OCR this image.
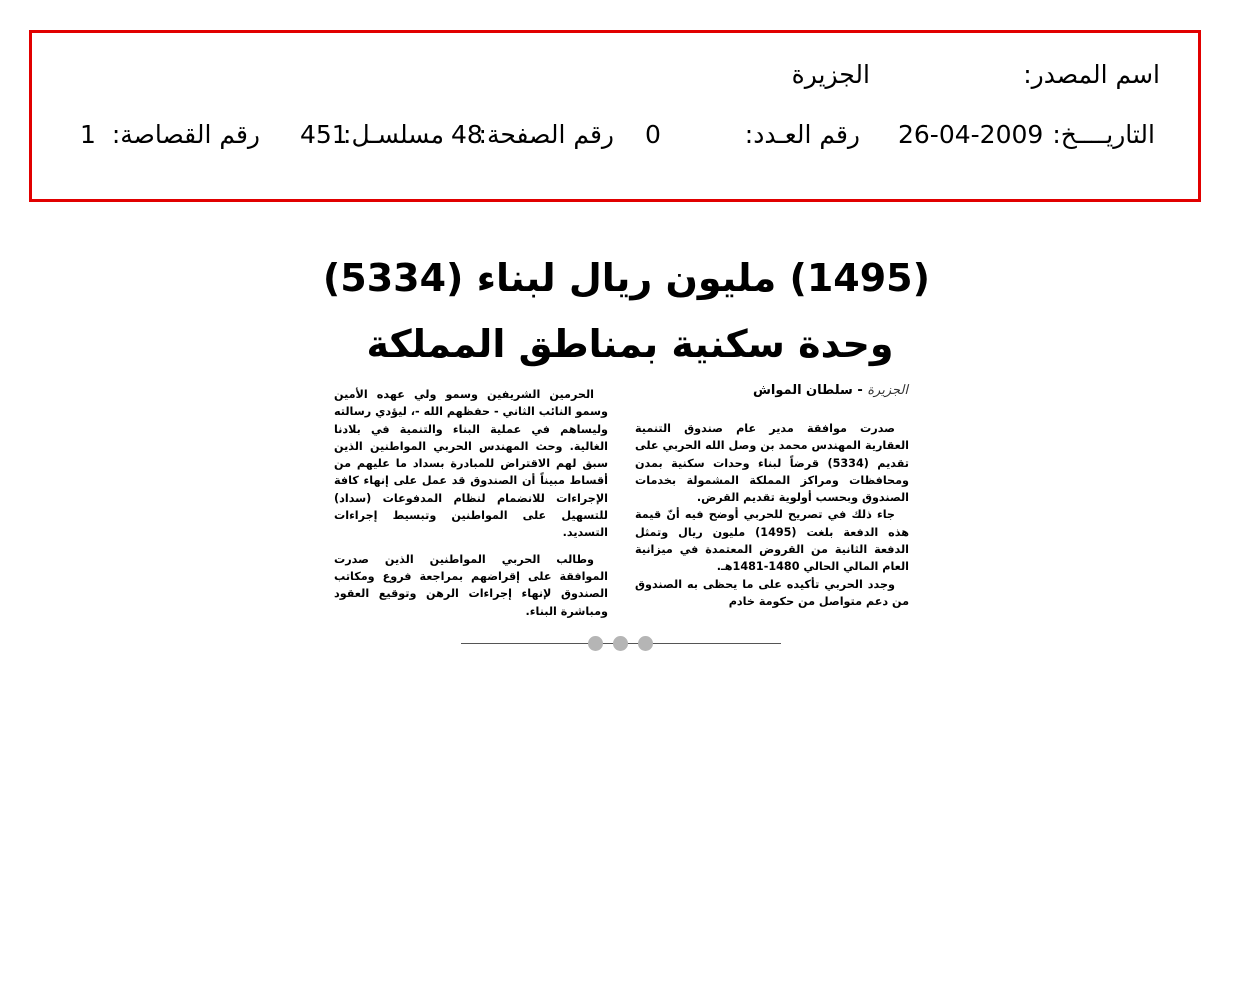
اسم المصدر:
الجزيرة
التاريــــخ:
26-04-2009
رقم العـدد:
0
رقم الصفحة:
48
مسلسـل:
451
رقم القصاصة:
1
(1495) مليون ريال لبناء (5334)
وحدة سكنية بمناطق المملكة
الجزيرة - سلطان المواش

صدرت موافقة مدير عام صندوق التنمية العقارية المهندس محمد بن وصل الله الحربي على تقديم (5334) قرضاً لبناء وحدات سكنية بمدن ومحافظات ومراكز المملكة المشمولة بخدمات الصندوق وبحسب أولوية تقديم القرض.

جاء ذلك في تصريح للحربي أوضح فيه أنّ قيمة هذه الدفعة بلغت (1495) مليون ريال وتمثل الدفعة الثانية من القروض المعتمدة في ميزانية العام المالي الحالي 1480-1481هـ.

وجدد الحربي تأكيده على ما يحظى به الصندوق من دعم متواصل من حكومة خادم

الحرمين الشريفين وسمو ولي عهده الأمين وسمو النائب الثاني - حفظهم الله -، ليؤدي رسالته وليساهم في عملية البناء والتنمية في بلادنا الغالية. وحث المهندس الحربي المواطنين الذين سبق لهم الاقتراض للمبادرة بسداد ما عليهم من أقساط مبيناً أن الصندوق قد عمل على إنهاء كافة الإجراءات للانضمام لنظام المدفوعات (سداد) للتسهيل على المواطنين وتبسيط إجراءات التسديد.

وطالب الحربي المواطنين الذين صدرت الموافقة على إقراضهم بمراجعة فروع ومكاتب الصندوق لإنهاء إجراءات الرهن وتوقيع العقود ومباشرة البناء.
